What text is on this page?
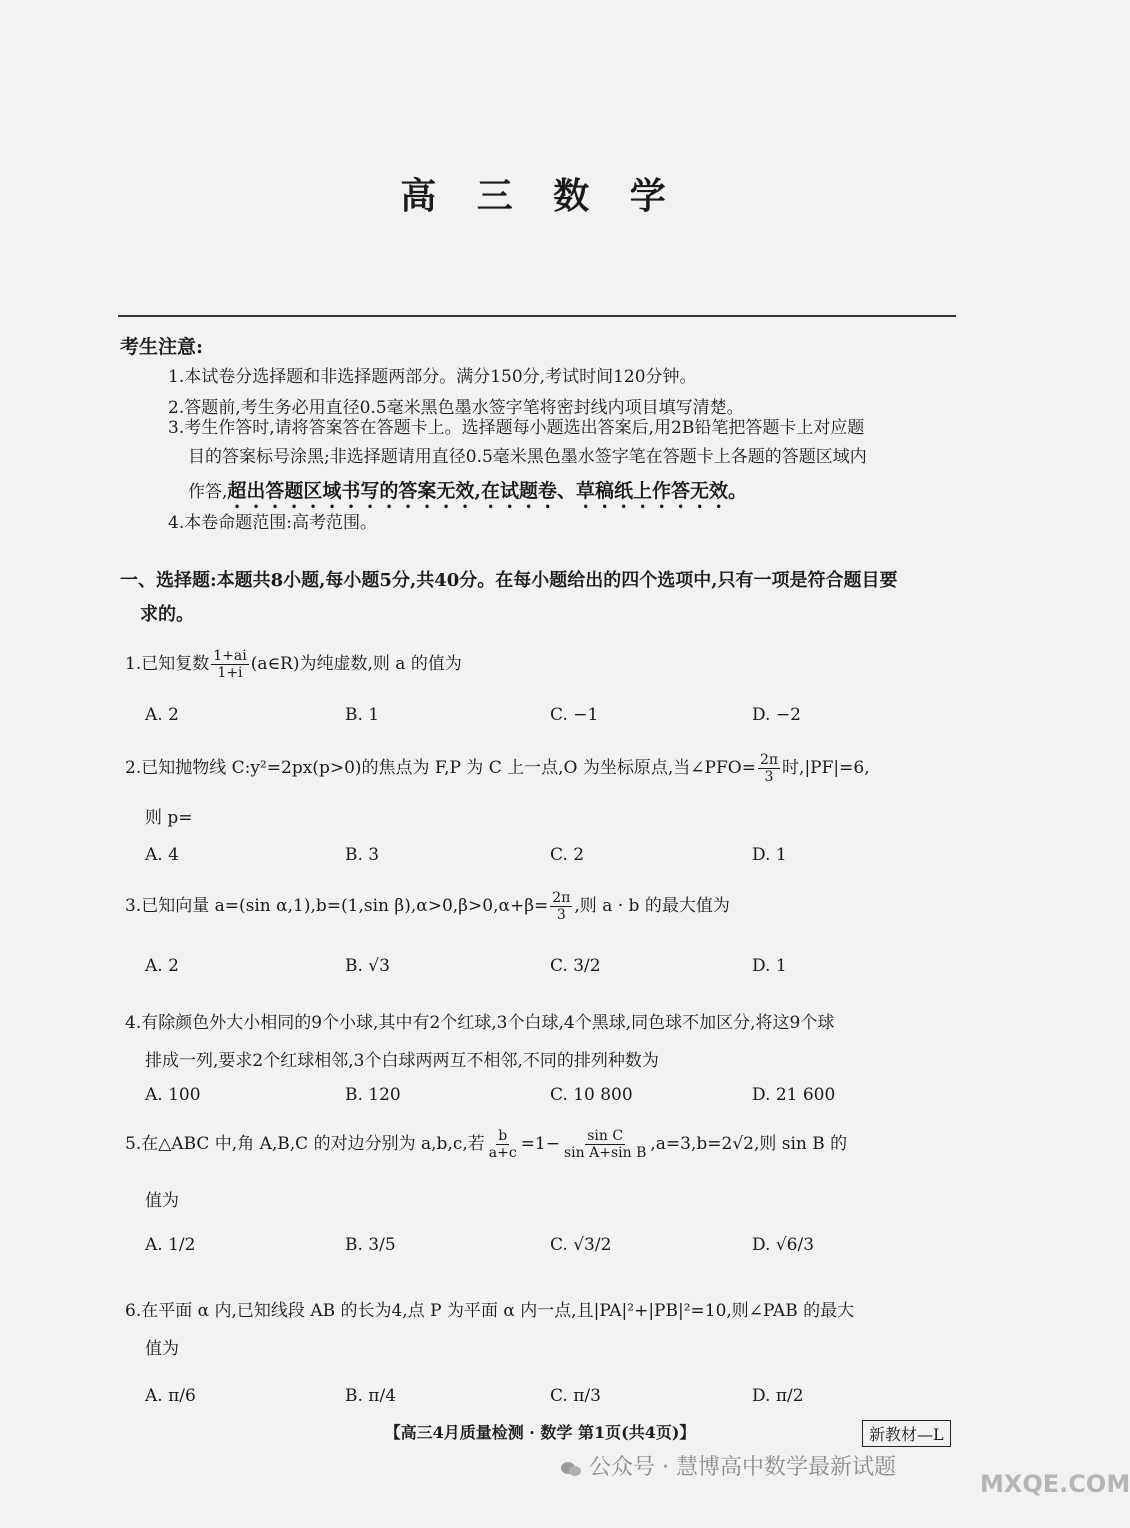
高 三 数 学
考生注意:
1.本试卷分选择题和非选择题两部分。满分150分,考试时间120分钟。
2.答题前,考生务必用直径0.5毫米黑色墨水签字笔将密封线内项目填写清楚。
3.考生作答时,请将答案答在答题卡上。选择题每小题选出答案后,用2B铅笔把答题卡上对应题
目的答案标号涂黑;非选择题请用直径0.5毫米黑色墨水签字笔在答题卡上各题的答题区域内
作答,超出答题区域书写的答案无效,在试题卷、草稿纸上作答无效。
4.本卷命题范围:高考范围。
一、选择题:本题共8小题,每小题5分,共40分。在每小题给出的四个选项中,只有一项是符合题目要
求的。
1.已知复数 $\frac{1+ai}{1+i}$ (a∈R)为纯虚数,则 a 的值为
A. 2	B. 1	C. −1	D. −2
2.已知抛物线 C:y²=2px(p>0)的焦点为 F,P 为 C 上一点,O 为坐标原点,当∠PFO= $\frac{2\pi}{3}$ 时,|PF|=6,
则 p=
A. 4	B. 3	C. 2	D. 1
3.已知向量 a=(sin α,1),b=(1,sin $\beta),\alpha>0,\beta>0,\alpha+\beta= \frac{2\pi}{3}$ ,则 a · b 的最大值为
A. 2	B. √3	C. 3/2	D. 1
4.有除颜色外大小相同的9个小球,其中有2个红球,3个白球,4个黑球,同色球不加区分,将这9个球
排成一列,要求2个红球相邻,3个白球两两互不相邻,不同的排列种数为
A. 100	B. 120	C. 10 800	D. 21 600
5.在△ABC 中,角 A,B,C 的对边分别为 a,b,c,若 $\frac{b}{a+c} =1- \frac{\text{sin C}}{\text{sin A+sin B}} ,a=3,b=2√2$,则 sin B 的
值为
A. 1/2	B. 3/5	C. √3/2	D. √6/3
6.在平面 α 内,已知线段 AB 的长为4,点 P 为平面 α 内一点,且|PA|²+|PB|²=10,则∠PAB 的最大
值为
A. π/6	B. π/4	C. π/3	D. π/2
【高三4月质量检测 · 数学 第1页(共4页)】	新教材—L
公众号 · 慧博高中数学最新试题
MXQE.COM
